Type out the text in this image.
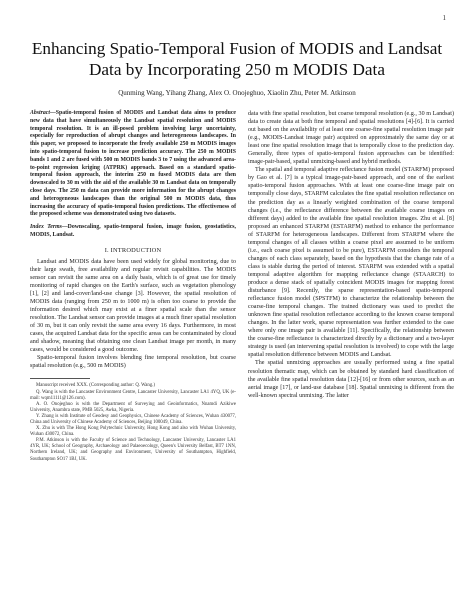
1
Enhancing Spatio-Temporal Fusion of MODIS and Landsat Data by Incorporating 250 m MODIS Data
Qunming Wang, Yihang Zhang, Alex O. Onojeghuo, Xiaolin Zhu, Peter M. Atkinson

Abstract—Spatio-temporal fusion of MODIS and Landsat data aims to produce new data that have simultaneously the Landsat spatial resolution and MODIS temporal resolution. It is an ill-posed problem involving large uncertainty, especially for reproduction of abrupt changes and heterogeneous landscapes. In this paper, we proposed to incorporate the freely available 250 m MODIS images into spatio-temporal fusion to increase prediction accuracy. The 250 m MODIS bands 1 and 2 are fused with 500 m MODIS bands 3 to 7 using the advanced area-to-point regression kriging (ATPRK) approach. Based on a standard spatio-temporal fusion approach, the interim 250 m fused MODIS data are then downscaled to 30 m with the aid of the available 30 m Landsat data on temporally close days. The 250 m data can provide more information for the abrupt changes and heterogeneous landscapes than the original 500 m MODIS data, thus increasing the accuracy of spatio-temporal fusion predictions. The effectiveness of the proposed scheme was demonstrated using two datasets.

Index Terms—Downscaling, spatio-temporal fusion, image fusion, geostatistics, MODIS, Landsat.

I. INTRODUCTION

Landsat and MODIS data have been used widely for global monitoring, due to their large swath, free availability and regular revisit capabilities. The MODIS sensor can revisit the same area on a daily basis, which is of great use for timely monitoring of rapid changes on the Earth's surface, such as vegetation phenology [1], [2] and land-cover/land-use change [3]. However, the spatial resolution of MODIS data (ranging from 250 m to 1000 m) is often too coarse to provide the information desired which may exist at a finer spatial scale than the sensor resolution. The Landsat sensor can provide images at a much finer spatial resolution of 30 m, but it can only revisit the same area every 16 days. Furthermore, in most cases, the acquired Landsat data for the specific areas can be contaminated by cloud and shadow, meaning that obtaining one clean Landsat image per month, in many cases, would be considered a good outcome.

Spatio-temporal fusion involves blending fine temporal resolution, but coarse spatial resolution (e.g., 500 m MODIS)

Manuscript received XXX. (Corresponding author: Q. Wang.)

Q. Wang is with the Lancaster Environment Centre, Lancaster University, Lancaster LA1 4YQ, UK (e-mail: wqm11111@126.com).

A. O. Onojeghuo is with the Department of Surveying and Geoinformatics, Nnamdi Azikiwe University, Anambra state, PMB 5025, Awka, Nigeria.

Y. Zhang is with Institute of Geodesy and Geophysics, Chinese Academy of Sciences, Wuhan 430077, China and University of Chinese Academy of Sciences, Beijing 100049, China.

X. Zhu is with The Hong Kong Polytechnic University, Hong Kong and also with Wuhan University, Wuhan 430072, China.

P.M. Atkinson is with the Faculty of Science and Technology, Lancaster University, Lancaster LA1 4YR, UK; School of Geography, Archaeology and Palaeoecology, Queen's University Belfast, BT7 1NN, Northern Ireland, UK; and Geography and Environment, University of Southampton, Highfield, Southampton SO17 1BJ, UK.

data with fine spatial resolution, but coarse temporal resolution (e.g., 30 m Landsat) data to create data at both fine temporal and spatial resolutions [4]-[6]. It is carried out based on the availability of at least one coarse-fine spatial resolution image pair (e.g., MODIS-Landsat image pair) acquired on approximately the same day or at least one fine spatial resolution image that is temporally close to the prediction day. Generally, three types of spatio-temporal fusion approaches can be identified: image-pair-based, spatial unmixing-based and hybrid methods.

The spatial and temporal adaptive reflectance fusion model (STARFM) proposed by Gao et al. [7] is a typical image-pair-based approach, and one of the earliest spatio-temporal fusion approaches. With at least one coarse-fine image pair on temporally close days, STARFM calculates the fine spatial resolution reflectance on the prediction day as a linearly weighted combination of the coarse temporal changes (i.e., the reflectance difference between the available coarse images on different days) added to the available fine spatial resolution images. Zhu et al. [8] proposed an enhanced STARFM (ESTARFM) method to enhance the performance of STARFM for heterogeneous landscapes. Different from STARFM where the temporal changes of all classes within a coarse pixel are assumed to be uniform (i.e., each coarse pixel is assumed to be pure), ESTARFM considers the temporal changes of each class separately, based on the hypothesis that the change rate of a class is stable during the period of interest. STARFM was extended with a spatial temporal adaptive algorithm for mapping reflectance change (STAARCH) to produce a dense stack of spatially coincident MODIS images for mapping forest disturbance [9]. Recently, the sparse representation-based spatio-temporal reflectance fusion model (SPSTFM) to characterize the relationship between the coarse-fine temporal changes. The trained dictionary was used to predict the unknown fine spatial resolution reflectance according to the known coarse temporal changes. In the latter work, sparse representation was further extended to the case where only one image pair is available [11]. Specifically, the relationship between the coarse-fine reflectance is characterized directly by a dictionary and a two-layer strategy is used (an intervening spatial resolution is involved) to cope with the large spatial resolution difference between MODIS and Landsat.

The spatial unmixing approaches are usually performed using a fine spatial resolution thematic map, which can be obtained by standard hard classification of the available fine spatial resolution data [12]-[16] or from other sources, such as an aerial image [17], or land-use database [18]. Spatial unmixing is different from the well-known spectral unmixing. The latter
